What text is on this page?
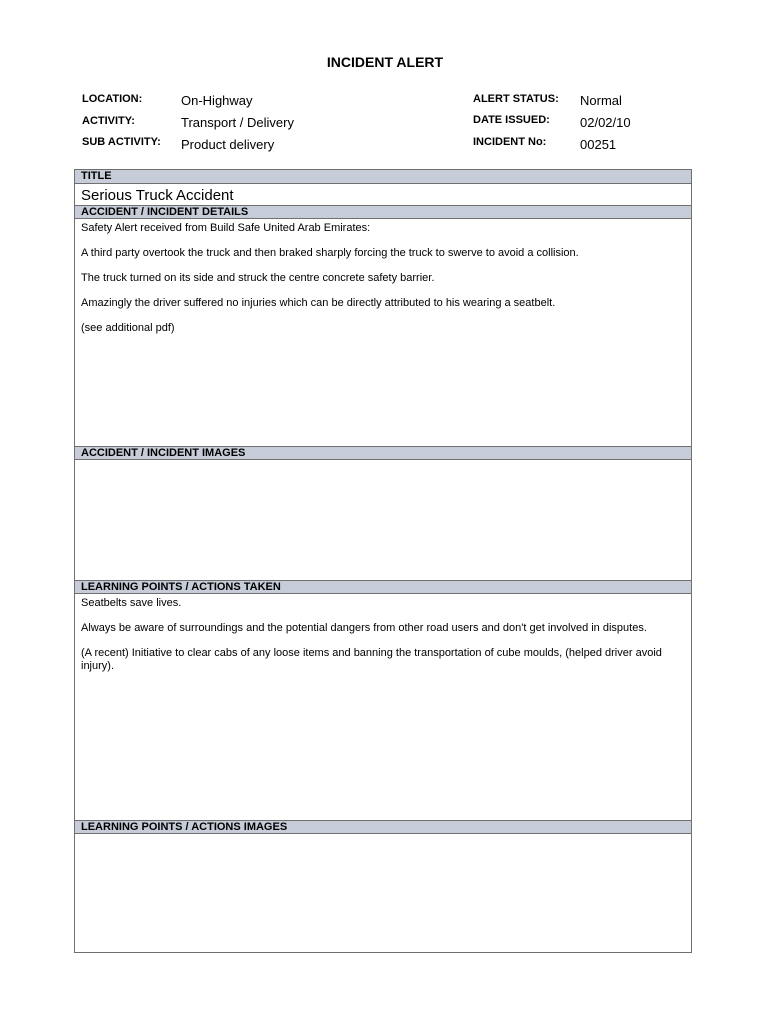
INCIDENT ALERT
LOCATION:	On-Highway
ACTIVITY:	Transport / Delivery
SUB ACTIVITY: Product delivery
ALERT STATUS: Normal
DATE ISSUED: 02/02/10
INCIDENT No:	00251
TITLE
Serious Truck Accident
ACCIDENT / INCIDENT DETAILS

Safety Alert received from Build Safe United Arab Emirates:

A third party overtook the truck and then braked sharply forcing the truck to swerve to avoid a collision.

The truck turned on its side and struck the centre concrete safety barrier.

Amazingly the driver suffered no injuries which can be directly attributed to his wearing a seatbelt.

(see additional pdf)

ACCIDENT / INCIDENT IMAGES
LEARNING POINTS / ACTIONS TAKEN

Seatbelts save lives.

Always be aware of surroundings and the potential dangers from other road users and don't get involved in disputes.

(A recent) Initiative to clear cabs of any loose items and banning the transportation of cube moulds, (helped driver avoid injury).

LEARNING POINTS / ACTIONS IMAGES
